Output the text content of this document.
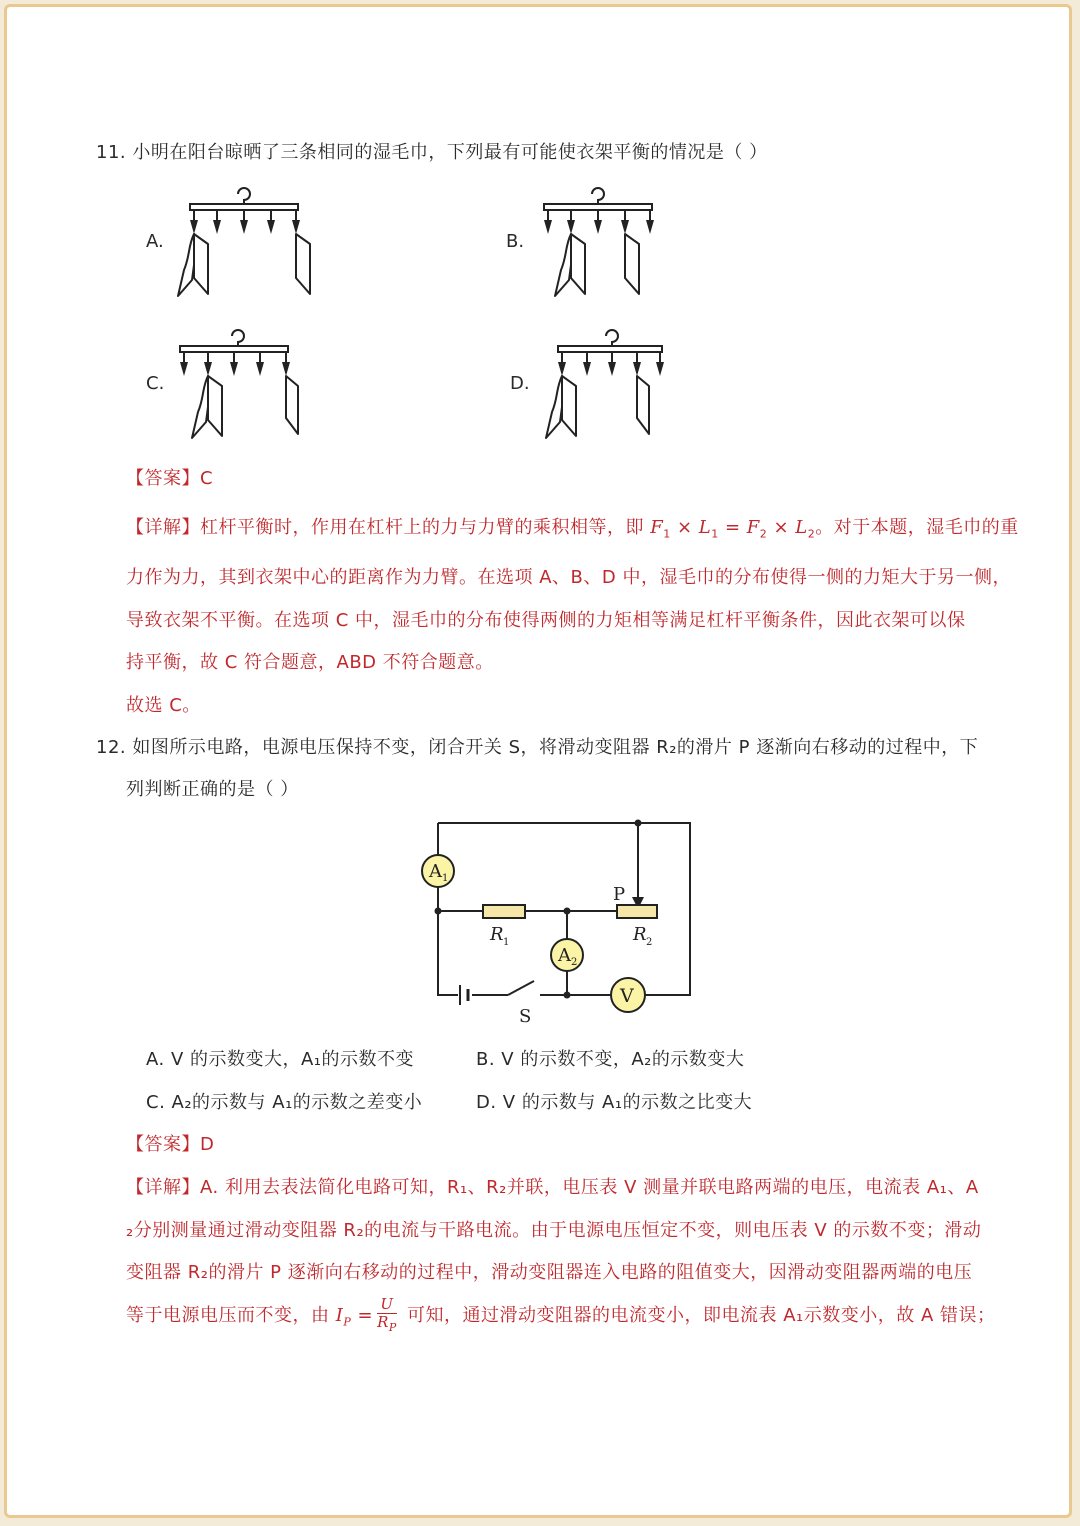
11. 小明在阳台晾晒了三条相同的湿毛巾，下列最有可能使衣架平衡的情况是（ ）
A.	B.
C.	D.
【答案】C
【详解】杠杆平衡时，作用在杠杆上的力与力臂的乘积相等，即 $F_1 \times L_1 = F_2 \times L_2$。对于本题，湿毛巾的重
力作为力，其到衣架中心的距离作为力臂。在选项 A、B、D 中，湿毛巾的分布使得一侧的力矩大于另一侧，
导致衣架不平衡。在选项 C 中，湿毛巾的分布使得两侧的力矩相等满足杠杆平衡条件，因此衣架可以保
持平衡，故 C 符合题意，ABD 不符合题意。
故选 C。
12. 如图所示电路，电源电压保持不变，闭合开关 S，将滑动变阻器 R₂的滑片 P 逐渐向右移动的过程中，下
列判断正确的是（ ）
A 1
A 2
V
P
R 1	R 2
S
A. V 的示数变大，A₁的示数不变	B. V 的示数不变，A₂的示数变大
C. A₂的示数与 A₁的示数之差变小	D. V 的示数与 A₁的示数之比变大
【答案】D
【详解】A. 利用去表法简化电路可知，R₁、R₂并联，电压表 V 测量并联电路两端的电压，电流表 A₁、A
₂分别测量通过滑动变阻器 R₂的电流与干路电流。由于电源电压恒定不变，则电压表 V 的示数不变；滑动
变阻器 R₂的滑片 P 逐渐向右移动的过程中，滑动变阻器连入电路的阻值变大，因滑动变阻器两端的电压
等于电源电压而不变，由 $I_P = \frac{U}{R_P}$ 可知，通过滑动变阻器的电流变小，即电流表 A₁示数变小，故 A 错误；
